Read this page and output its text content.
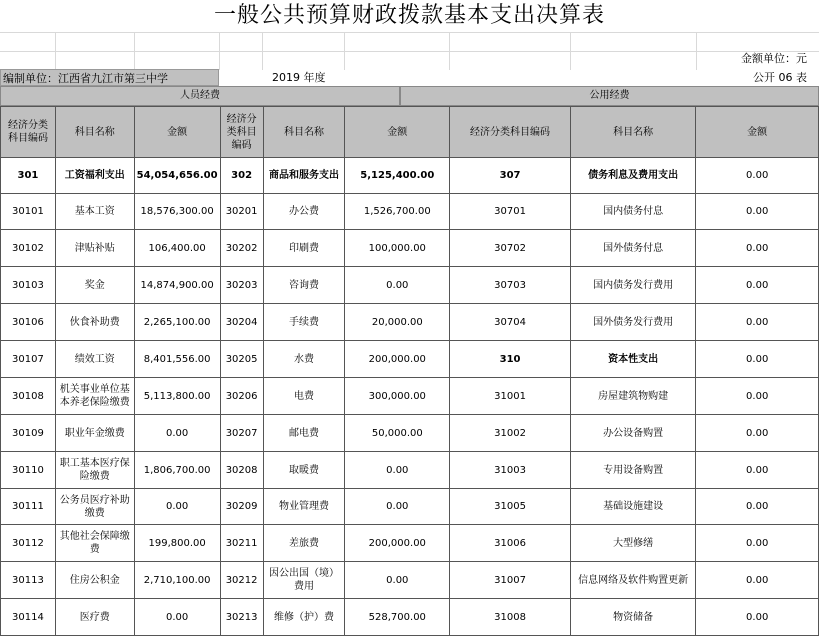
一般公共预算财政拨款基本支出决算表
金额单位：元
编制单位：江西省九江市第三中学	2019 年度	公开 06 表
人员经费	公用经费
经济分类科目编码	科目名称	金额	经济分类科目编码	科目名称	金额	经济分类科目编码	科目名称	金额
301	工资福利支出	54,054,656.00	302	商品和服务支出	5,125,400.00	307	债务利息及费用支出	0.00
30101	基本工资	18,576,300.00	30201	办公费	1,526,700.00	30701	国内债务付息	0.00
30102	津贴补贴	106,400.00	30202	印刷费	100,000.00	30702	国外债务付息	0.00
30103	奖金	14,874,900.00	30203	咨询费	0.00	30703	国内债务发行费用	0.00
30106	伙食补助费	2,265,100.00	30204	手续费	20,000.00	30704	国外债务发行费用	0.00
30107	绩效工资	8,401,556.00	30205	水费	200,000.00	310	资本性支出	0.00
30108	机关事业单位基本养老保险缴费	5,113,800.00	30206	电费	300,000.00	31001	房屋建筑物购建	0.00
30109	职业年金缴费	0.00	30207	邮电费	50,000.00	31002	办公设备购置	0.00
30110	职工基本医疗保险缴费	1,806,700.00	30208	取暖费	0.00	31003	专用设备购置	0.00
30111	公务员医疗补助缴费	0.00	30209	物业管理费	0.00	31005	基础设施建设	0.00
30112	其他社会保障缴费	199,800.00	30211	差旅费	200,000.00	31006	大型修缮	0.00
30113	住房公积金	2,710,100.00	30212	因公出国（境）费用	0.00	31007	信息网络及软件购置更新	0.00
30114	医疗费	0.00	30213	维修（护）费	528,700.00	31008	物资储备	0.00
